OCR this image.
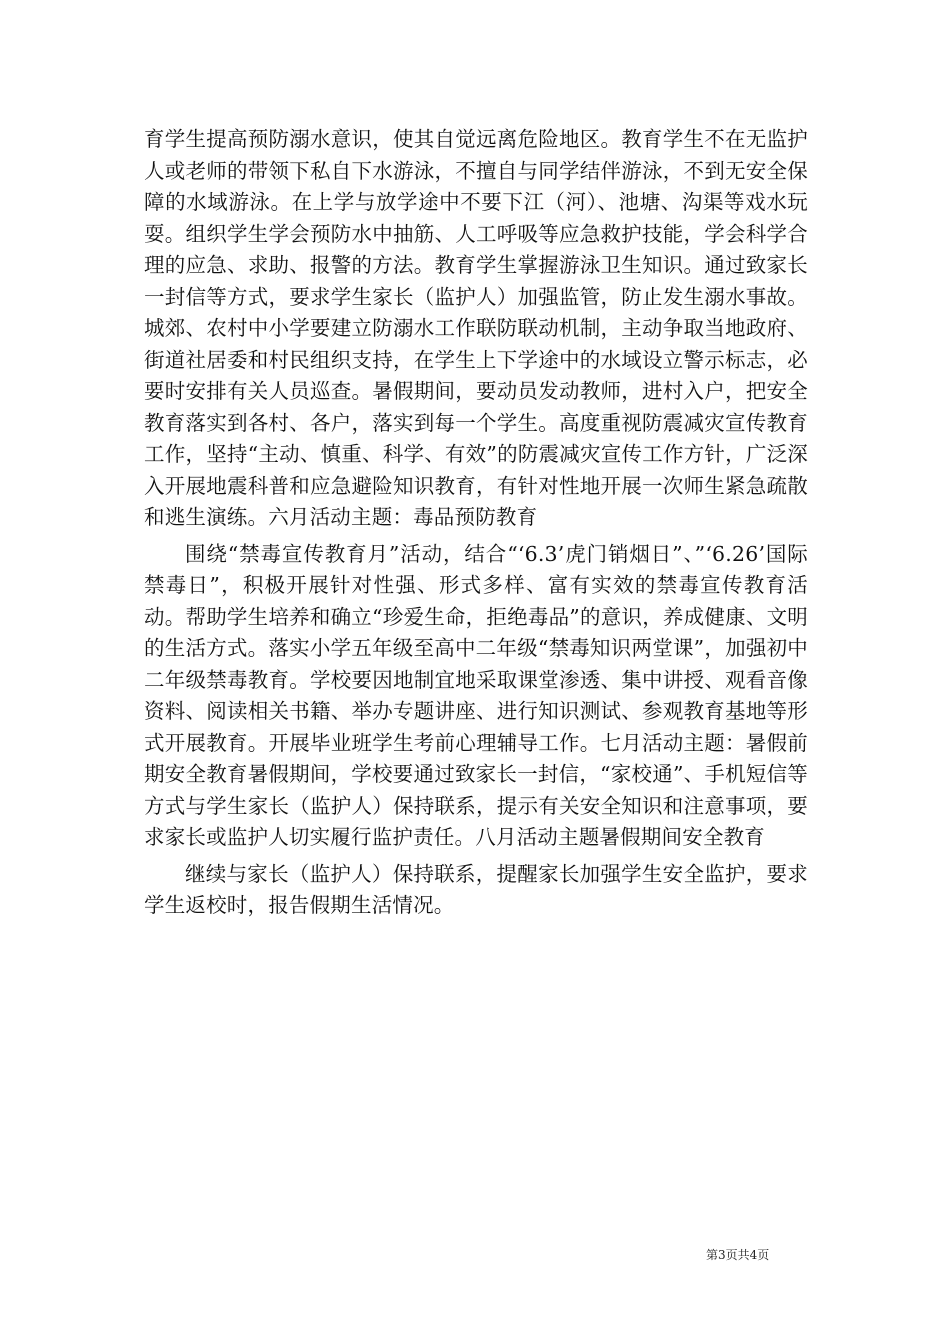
育学生提高预防溺水意识，使其自觉远离危险地区。教育学生不在无监护人或老师的带领下私自下水游泳，不擅自与同学结伴游泳，不到无安全保障的水域游泳。在上学与放学途中不要下江（河）、池塘、沟渠等戏水玩耍。组织学生学会预防水中抽筋、人工呼吸等应急救护技能，学会科学合理的应急、求助、报警的方法。教育学生掌握游泳卫生知识。通过致家长一封信等方式，要求学生家长（监护人）加强监管，防止发生溺水事故。城郊、农村中小学要建立防溺水工作联防联动机制，主动争取当地政府、街道社居委和村民组织支持，在学生上下学途中的水域设立警示标志，必要时安排有关人员巡查。暑假期间，要动员发动教师，进村入户，把安全教育落实到各村、各户，落实到每一个学生。高度重视防震减灾宣传教育工作，坚持“主动、慎重、科学、有效”的防震减灾宣传工作方针，广泛深入开展地震科普和应急避险知识教育，有针对性地开展一次师生紧急疏散和逃生演练。六月活动主题：毒品预防教育

围绕“禁毒宣传教育月”活动，结合“‘6.3’虎门销烟日”、”‘6.26’国际禁毒日”，积极开展针对性强、形式多样、富有实效的禁毒宣传教育活动。帮助学生培养和确立“珍爱生命，拒绝毒品”的意识，养成健康、文明的生活方式。落实小学五年级至高中二年级“禁毒知识两堂课”，加强初中二年级禁毒教育。学校要因地制宜地采取课堂渗透、集中讲授、观看音像资料、阅读相关书籍、举办专题讲座、进行知识测试、参观教育基地等形式开展教育。开展毕业班学生考前心理辅导工作。七月活动主题：暑假前期安全教育暑假期间，学校要通过致家长一封信，“家校通”、手机短信等方式与学生家长（监护人）保持联系，提示有关安全知识和注意事项，要求家长或监护人切实履行监护责任。八月活动主题暑假期间安全教育

继续与家长（监护人）保持联系，提醒家长加强学生安全监护，要求学生返校时，报告假期生活情况。

第3页共4页
